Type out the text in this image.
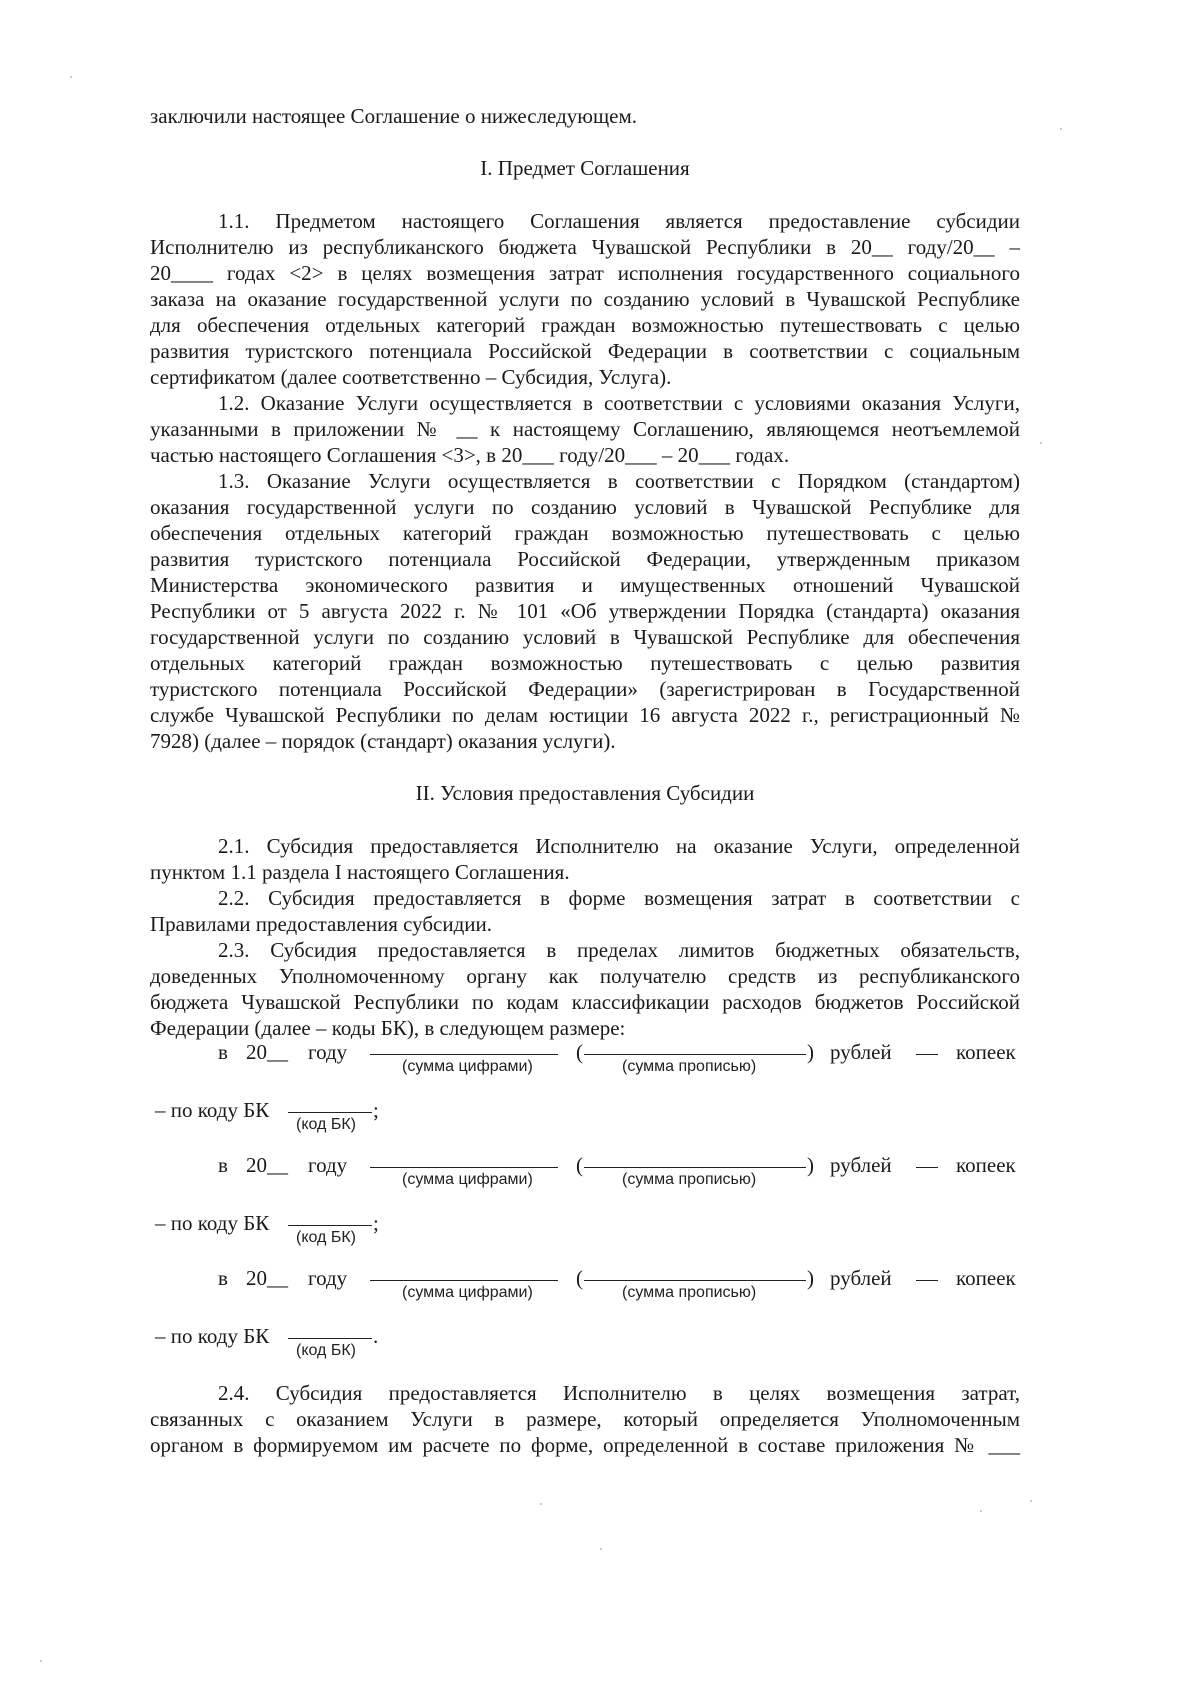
заключили настоящее Соглашение о нижеследующем.
I. Предмет Соглашения
1.1. Предметом настоящего Соглашения является предоставление субсидии
Исполнителю из республиканского бюджета Чувашской Республики в 20__ году/20__ –
20____ годах <2> в целях возмещения затрат исполнения государственного социального
заказа на оказание государственной услуги по созданию условий в Чувашской Республике
для обеспечения отдельных категорий граждан возможностью путешествовать с целью
развития туристского потенциала Российской Федерации в соответствии с социальным
сертификатом (далее соответственно – Субсидия, Услуга).
1.2. Оказание Услуги осуществляется в соответствии с условиями оказания Услуги,
указанными в приложении № __ к настоящему Соглашению, являющемся неотъемлемой
частью настоящего Соглашения <3>, в 20___ году/20___ – 20___ годах.
1.3. Оказание Услуги осуществляется в соответствии с Порядком (стандартом)
оказания государственной услуги по созданию условий в Чувашской Республике для
обеспечения отдельных категорий граждан возможностью путешествовать с целью
развития туристского потенциала Российской Федерации, утвержденным приказом
Министерства экономического развития и имущественных отношений Чувашской
Республики от 5 августа 2022 г. № 101 «Об утверждении Порядка (стандарта) оказания
государственной услуги по созданию условий в Чувашской Республике для обеспечения
отдельных категорий граждан возможностью путешествовать с целью развития
туристского потенциала Российской Федерации» (зарегистрирован в Государственной
службе Чувашской Республики по делам юстиции 16 августа 2022 г., регистрационный №
7928) (далее – порядок (стандарт) оказания услуги).
II. Условия предоставления Субсидии
2.1. Субсидия предоставляется Исполнителю на оказание Услуги, определенной
пунктом 1.1 раздела I настоящего Соглашения.
2.2. Субсидия предоставляется в форме возмещения затрат в соответствии с
Правилами предоставления субсидии.
2.3. Субсидия предоставляется в пределах лимитов бюджетных обязательств,
доведенных Уполномоченному органу как получателю средств из республиканского
бюджета Чувашской Республики по кодам классификации расходов бюджетов Российской
Федерации (далее – коды БК), в следующем размере:
в 20__ году	(	) рублей	копеек
(сумма цифрами)	(сумма прописью)
– по коду БК	;
(код БК)
в 20__ году	(	) рублей	копеек
(сумма цифрами)	(сумма прописью)
– по коду БК	;
(код БК)
в 20__ году	(	) рублей	копеек
(сумма цифрами)	(сумма прописью)
– по коду БК	.
(код БК)
2.4. Субсидия предоставляется Исполнителю в целях возмещения затрат,
связанных с оказанием Услуги в размере, который определяется Уполномоченным
органом в формируемом им расчете по форме, определенной в составе приложения № ___
